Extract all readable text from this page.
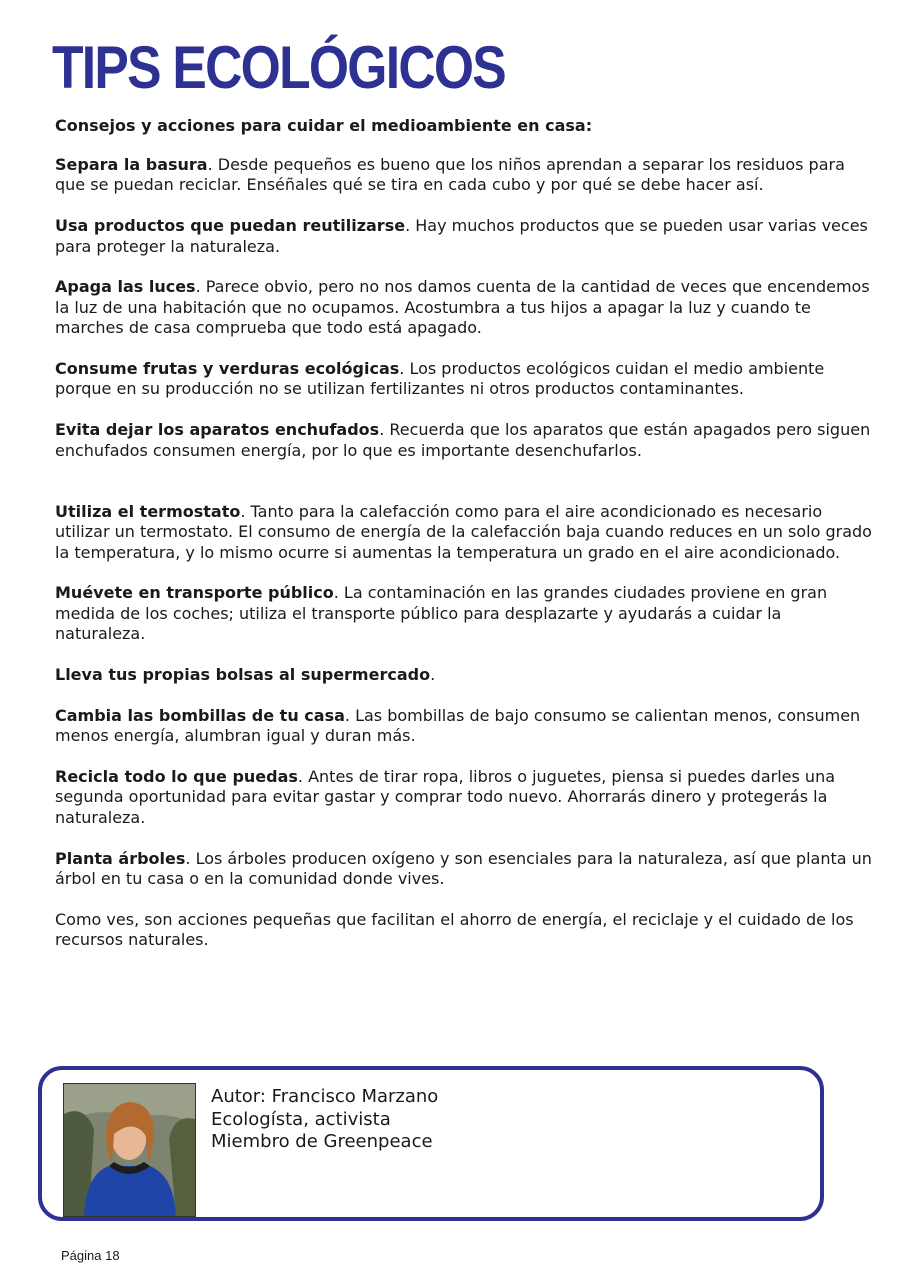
TIPS ECOLÓGICOS

Consejos y acciones para cuidar el medioambiente en casa:

Separa la basura. Desde pequeños es bueno que los niños aprendan a separar los residuos para que se puedan reciclar. Enséñales qué se tira en cada cubo y por qué se debe hacer así.

Usa productos que puedan reutilizarse. Hay muchos productos que se pueden usar varias veces para proteger la naturaleza.

Apaga las luces. Parece obvio, pero no nos damos cuenta de la cantidad de veces que encendemos la luz de una habitación que no ocupamos. Acostumbra a tus hijos a apagar la luz y cuando te marches de casa comprueba que todo está apagado.

Consume frutas y verduras ecológicas. Los productos ecológicos cuidan el medio ambiente porque en su producción no se utilizan fertilizantes ni otros productos contaminantes.

Evita dejar los aparatos enchufados. Recuerda que los aparatos que están apagados pero siguen enchufados consumen energía, por lo que es importante desenchufarlos.

Utiliza el termostato. Tanto para la calefacción como para el aire acondicionado es necesario utilizar un termostato. El consumo de energía de la calefacción baja cuando reduces en un solo grado la temperatura, y lo mismo ocurre si aumentas la temperatura un grado en el aire acondicionado.

Muévete en transporte público. La contaminación en las grandes ciudades proviene en gran medida de los coches; utiliza el transporte público para desplazarte y ayudarás a cuidar la naturaleza.

Lleva tus propias bolsas al supermercado.

Cambia las bombillas de tu casa. Las bombillas de bajo consumo se calientan menos, consumen menos energía, alumbran igual y duran más.

Recicla todo lo que puedas. Antes de tirar ropa, libros o juguetes, piensa si puedes darles una segunda oportunidad para evitar gastar y comprar todo nuevo. Ahorrarás dinero y protegerás la naturaleza.

Planta árboles. Los árboles producen oxígeno y son esenciales para la naturaleza, así que planta un árbol en tu casa o en la comunidad donde vives.

Como ves, son acciones pequeñas que facilitan el ahorro de energía, el reciclaje y el cuidado de los recursos naturales.

Autor: Francisco Marzano
Ecologísta, activista
Miembro de Greenpeace
Página 18
